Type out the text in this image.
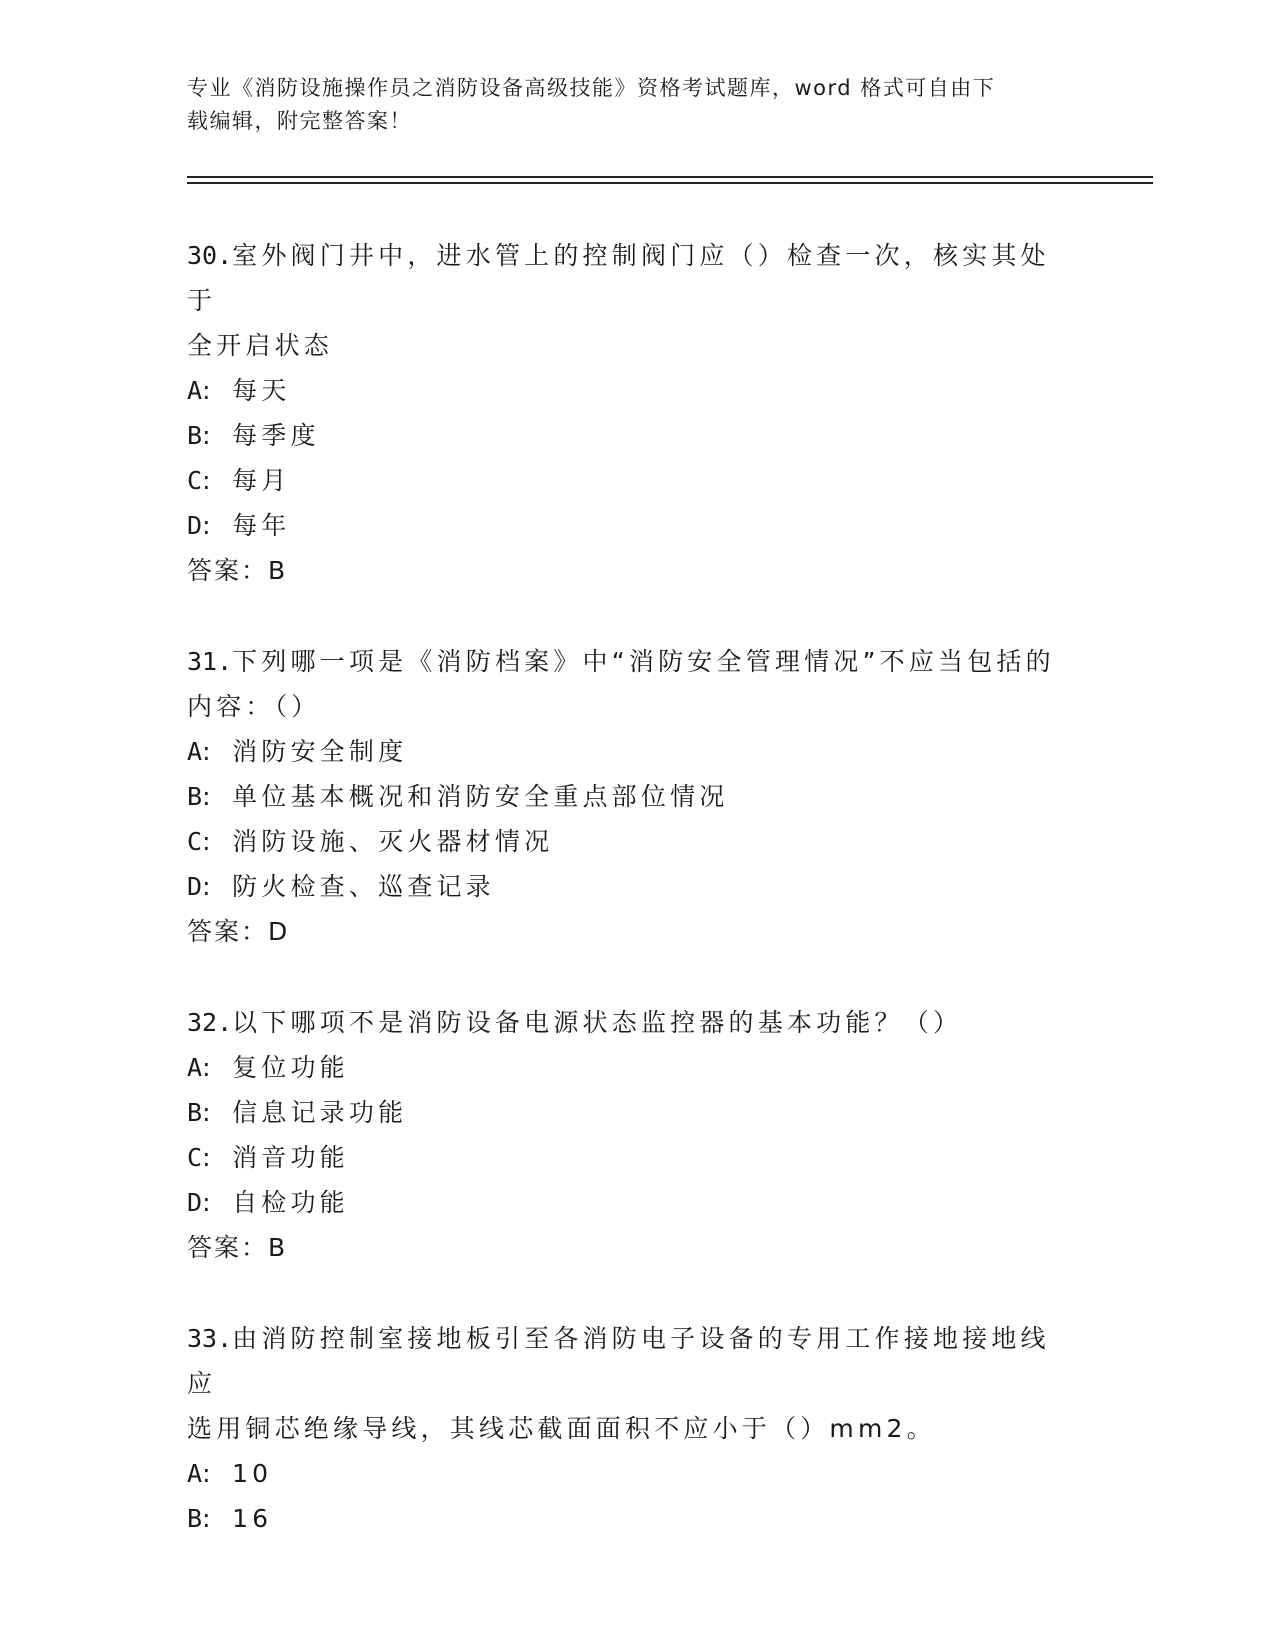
专业《消防设施操作员之消防设备高级技能》资格考试题库，word 格式可自由下
载编辑，附完整答案！
30.室外阀门井中，进水管上的控制阀门应（）检查一次，核实其处于
全开启状态
A: 每天
B: 每季度
C: 每月
D: 每年
答案：B
31.下列哪一项是《消防档案》中“消防安全管理情况”不应当包括的
内容：（）
A: 消防安全制度
B: 单位基本概况和消防安全重点部位情况
C: 消防设施、灭火器材情况
D: 防火检查、巡查记录
答案：D
32.以下哪项不是消防设备电源状态监控器的基本功能？（）
A: 复位功能
B: 信息记录功能
C: 消音功能
D: 自检功能
答案：B
33.由消防控制室接地板引至各消防电子设备的专用工作接地接地线应
选用铜芯绝缘导线，其线芯截面面积不应小于（）mm2。
A: 10
B: 16
